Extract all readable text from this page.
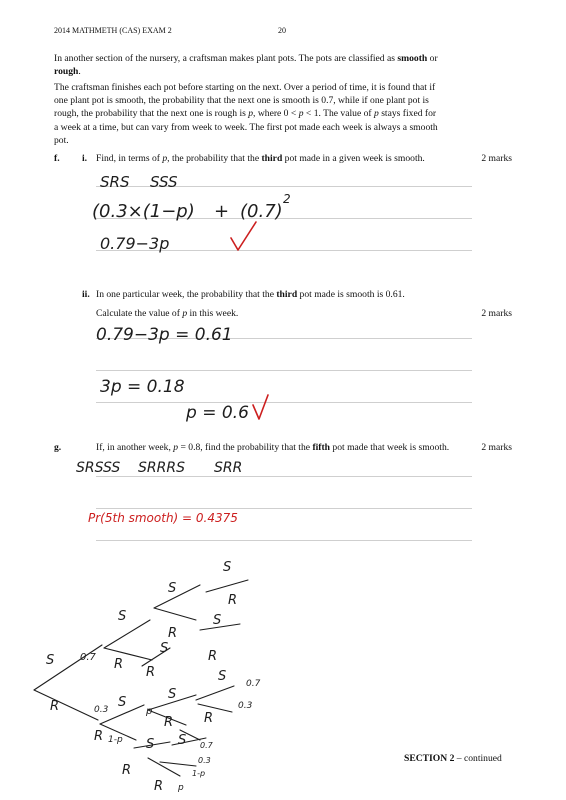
2014 MATHMETH (CAS) EXAM 2	20
In another section of the nursery, a craftsman makes plant pots. The pots are classified as smooth or
rough.
The craftsman finishes each pot before starting on the next. Over a period of time, it is found that if
one plant pot is smooth, the probability that the next one is smooth is 0.7, while if one plant pot is
rough, the probability that the next one is rough is p, where 0 < p < 1. The value of p stays fixed for
a week at a time, but can vary from week to week. The first pot made each week is always a smooth
pot.
f. i. Find, in terms of p, the probability that the third pot made in a given week is smooth.	2 marks
ii. In one particular week, the probability that the third pot made is smooth is 0.61.
Calculate the value of p in this week.	2 marks
g.	If, in another week, p = 0.8, find the probability that the fifth pot made that week is smooth.	2 marks
SRS SSS
(0.3×(1−p) + (0.7)
2
0.79−3p
0.79−3p = 0.61
3p = 0.18
p = 0.6
SRSSS SRRRS SRR
Pr(5th smooth) = 0.4375
S
R
S
R
0.7
0.3
S
R
S
R
S
R
S
R
S
R
S
R
S
R
0.7
0.3
S
R
S
R
p
1-p
0.7
0.3
1-p
p
SECTION 2 – continued
